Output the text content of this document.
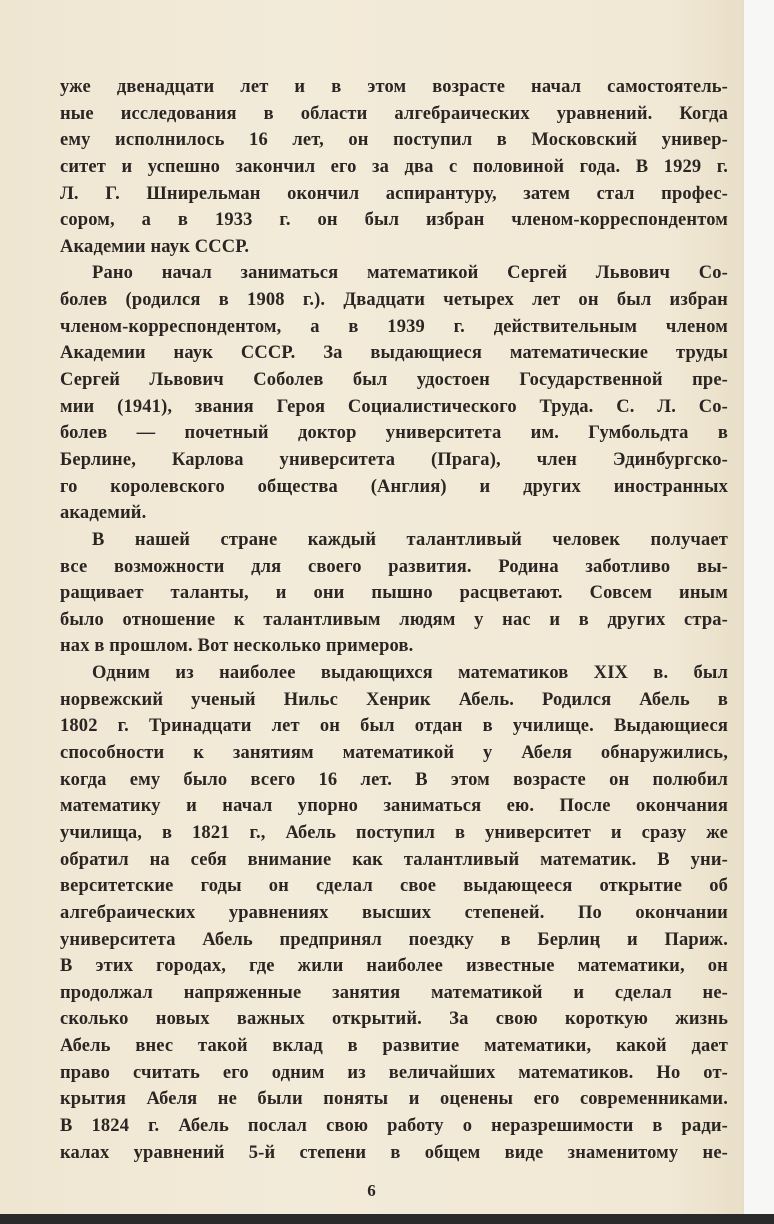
уже двенадцати лет и в этом возрасте начал самостоятель-
ные исследования в области алгебраических уравнений. Когда
ему исполнилось 16 лет, он поступил в Московский универ-
ситет и успешно закончил его за два с половиной года. В 1929 г.
Л. Г. Шнирельман окончил аспирантуру, затем стал профес-
сором, а в 1933 г. он был избран членом-корреспондентом
Академии наук СССР.
Рано начал заниматься математикой Сергей Львович Со-
болев (родился в 1908 г.). Двадцати четырех лет он был избран
членом-корреспондентом, а в 1939 г. действительным членом
Академии наук СССР. За выдающиеся математические труды
Сергей Львович Соболев был удостоен Государственной пре-
мии (1941), звания Героя Социалистического Труда. С. Л. Со-
болев — почетный доктор университета им. Гумбольдта в
Берлине, Карлова университета (Прага), член Эдинбургско-
го королевского общества (Англия) и других иностранных
академий.
В нашей стране каждый талантливый человек получает
все возможности для своего развития. Родина заботливо вы-
ращивает таланты, и они пышно расцветают. Совсем иным
было отношение к талантливым людям у нас и в других стра-
нах в прошлом. Вот несколько примеров.
Одним из наиболее выдающихся математиков XIX в. был
норвежский ученый Нильс Хенрик Абель. Родился Абель в
1802 г. Тринадцати лет он был отдан в училище. Выдающиеся
способности к занятиям математикой у Абеля обнаружились,
когда ему было всего 16 лет. В этом возрасте он полюбил
математику и начал упорно заниматься ею. После окончания
училища, в 1821 г., Абель поступил в университет и сразу же
обратил на себя внимание как талантливый математик. В уни-
верситетские годы он сделал свое выдающееся открытие об
алгебраических уравнениях высших степеней. По окончании
университета Абель предпринял поездку в Берлиң и Париж.
В этих городах, где жили наиболее известные математики, он
продолжал напряженные занятия математикой и сделал не-
сколько новых важных открытий. За свою короткую жизнь
Абель внес такой вклад в развитие математики, какой дает
право считать его одним из величайших математиков. Но от-
крытия Абеля не были поняты и оценены его современниками.
В 1824 г. Абель послал свою работу о неразрешимости в ради-
калах уравнений 5-й степени в общем виде знаменитому не-
6
